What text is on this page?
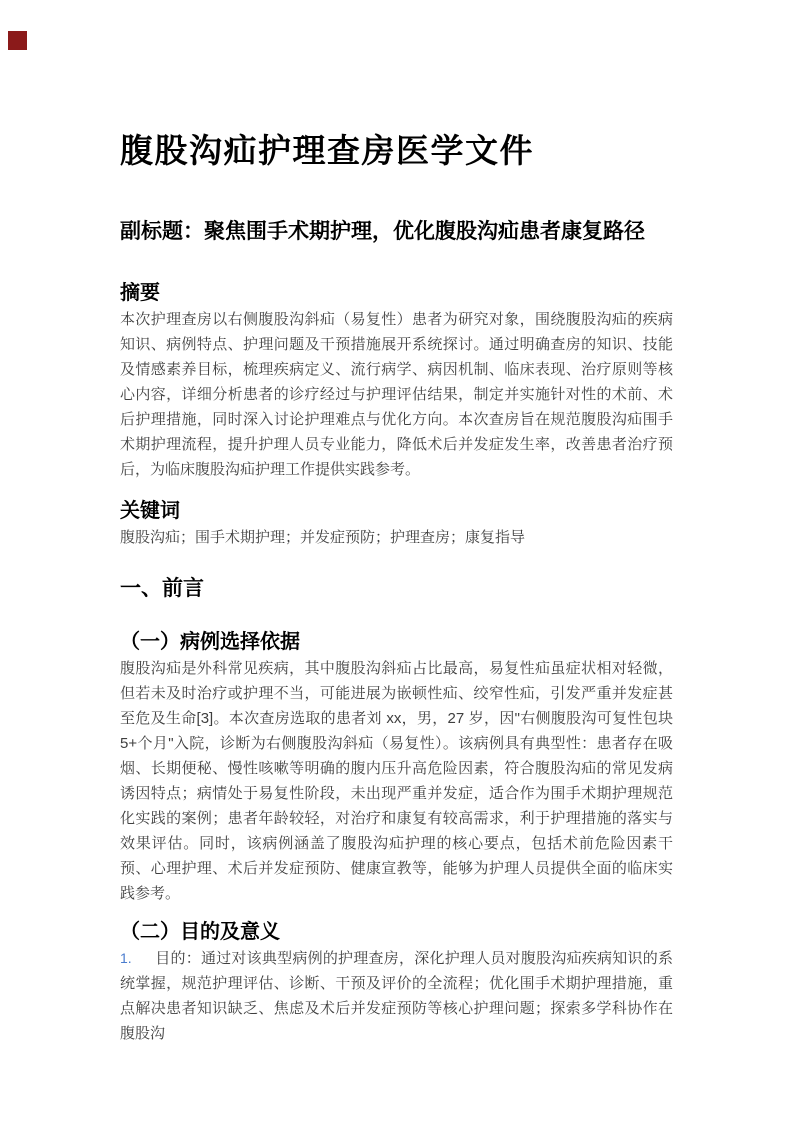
腹股沟疝护理查房医学文件

副标题：聚焦围手术期护理，优化腹股沟疝患者康复路径

摘要

本次护理查房以右侧腹股沟斜疝（易复性）患者为研究对象，围绕腹股沟疝的疾病知识、病例特点、护理问题及干预措施展开系统探讨。通过明确查房的知识、技能及情感素养目标，梳理疾病定义、流行病学、病因机制、临床表现、治疗原则等核心内容，详细分析患者的诊疗经过与护理评估结果，制定并实施针对性的术前、术后护理措施，同时深入讨论护理难点与优化方向。本次查房旨在规范腹股沟疝围手术期护理流程，提升护理人员专业能力，降低术后并发症发生率，改善患者治疗预后，为临床腹股沟疝护理工作提供实践参考。

关键词

腹股沟疝；围手术期护理；并发症预防；护理查房；康复指导

一、前言
（一）病例选择依据

腹股沟疝是外科常见疾病，其中腹股沟斜疝占比最高，易复性疝虽症状相对轻微，但若未及时治疗或护理不当，可能进展为嵌顿性疝、绞窄性疝，引发严重并发症甚至危及生命[3]。本次查房选取的患者刘 xx，男，27 岁，因"右侧腹股沟可复性包块 5+个月"入院，诊断为右侧腹股沟斜疝（易复性）。该病例具有典型性：患者存在吸烟、长期便秘、慢性咳嗽等明确的腹内压升高危险因素，符合腹股沟疝的常见发病诱因特点；病情处于易复性阶段，未出现严重并发症，适合作为围手术期护理规范化实践的案例；患者年龄较轻，对治疗和康复有较高需求，利于护理措施的落实与效果评估。同时，该病例涵盖了腹股沟疝护理的核心要点，包括术前危险因素干预、心理护理、术后并发症预防、健康宣教等，能够为护理人员提供全面的临床实践参考。

（二）目的及意义

1. 目的：通过对该典型病例的护理查房，深化护理人员对腹股沟疝疾病知识的系统掌握，规范护理评估、诊断、干预及评价的全流程；优化围手术期护理措施，重点解决患者知识缺乏、焦虑及术后并发症预防等核心护理问题；探索多学科协作在腹股沟
